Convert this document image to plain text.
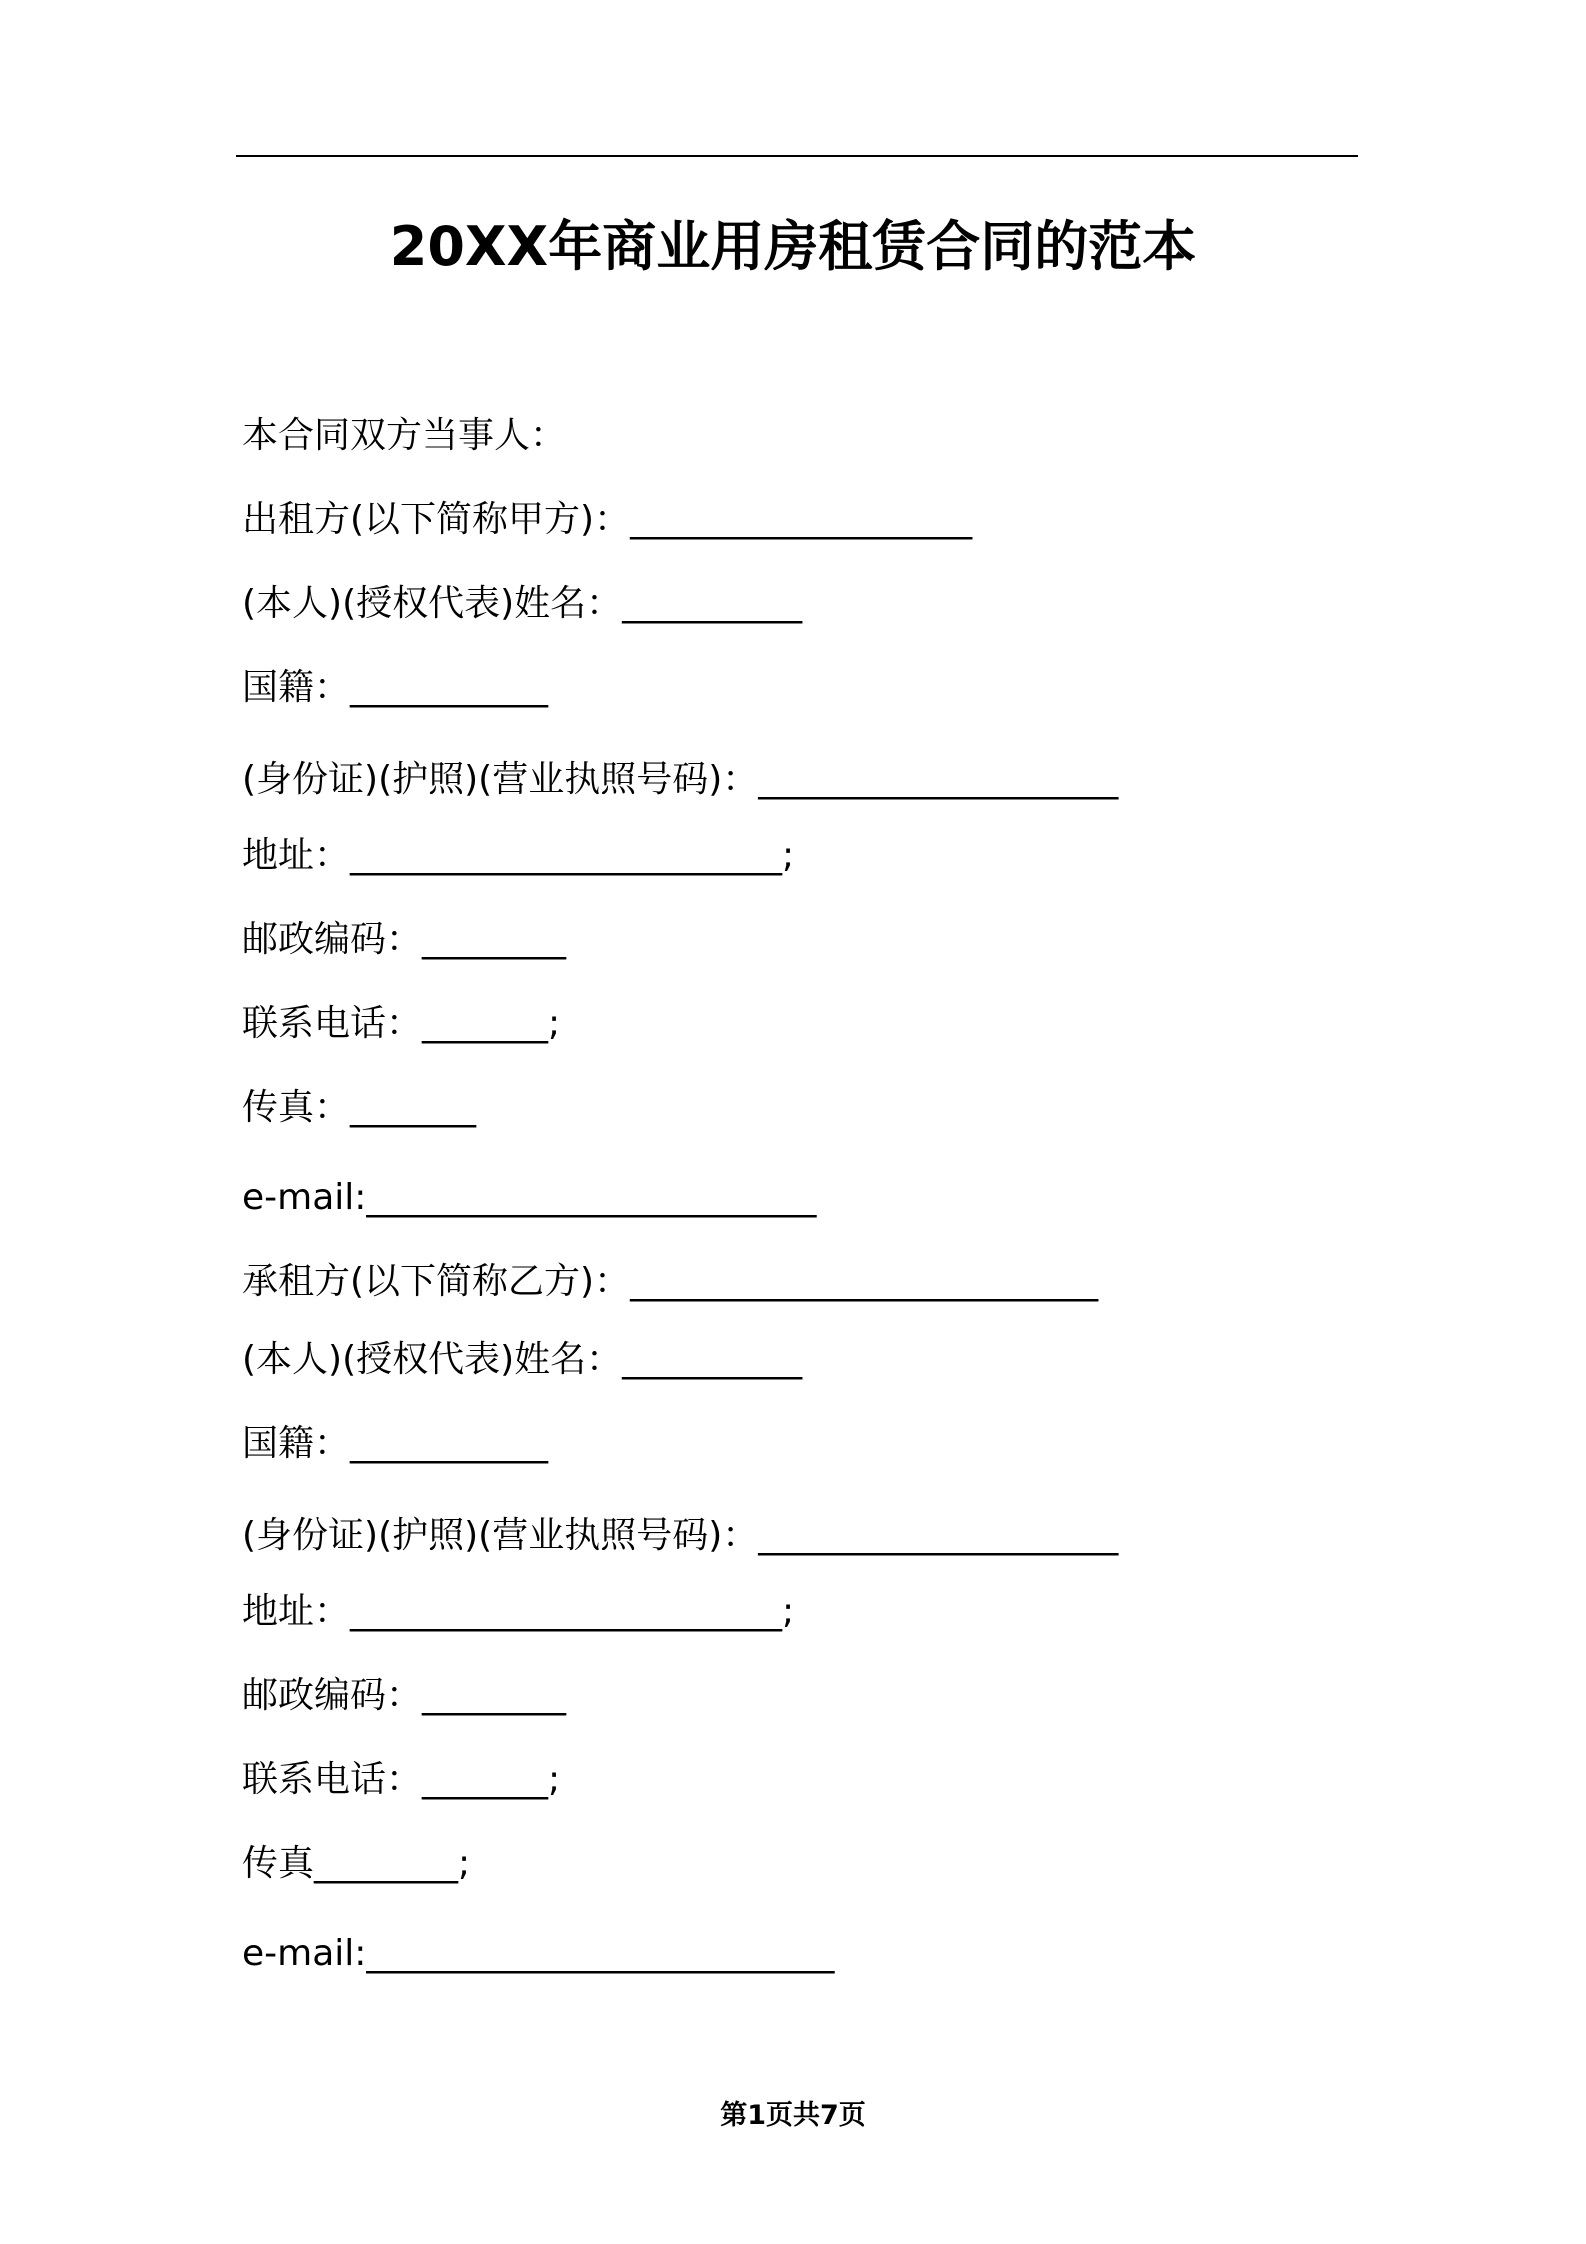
20XX年商业用房租赁合同的范本
本合同双方当事人：
出租方(以下简称甲方)：___________________
(本人)(授权代表)姓名：__________
国籍：___________
(身份证)(护照)(营业执照号码)：____________________
地址：________________________;
邮政编码：________
联系电话：_______;
传真：_______
e-mail:_________________________
承租方(以下简称乙方)：__________________________
(本人)(授权代表)姓名：__________
国籍：___________
(身份证)(护照)(营业执照号码)：____________________
地址：________________________;
邮政编码：________
联系电话：_______;
传真________;
e-mail:__________________________
第1页共7页
